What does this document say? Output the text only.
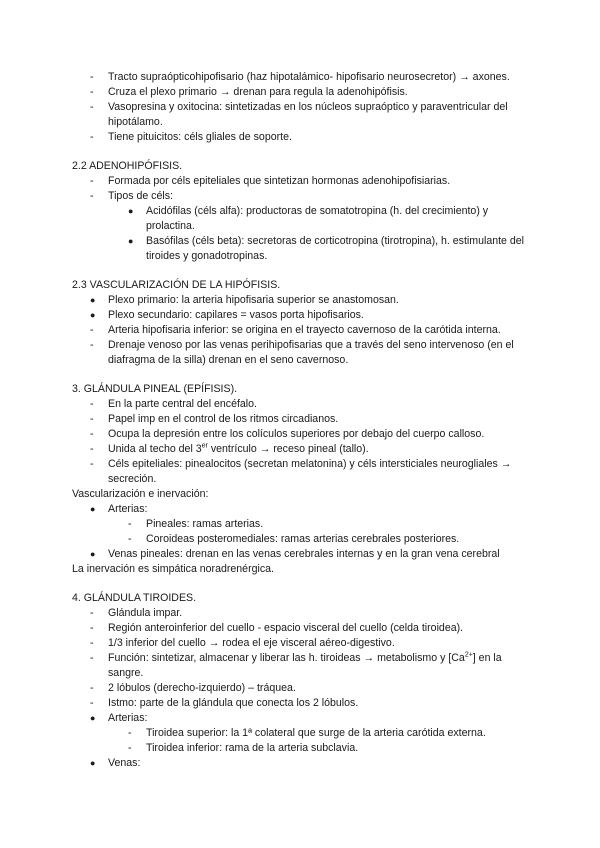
-	Tracto supraópticohipofisario (haz hipotalámico- hipofisario neurosecretor) → axones.
-	Cruza el plexo primario → drenan para regula la adenohipófisis.
-	Vasopresina y oxitocina: sintetizadas en los núcleos supraóptico y paraventricular del hipotálamo.
-	Tiene pituicitos: céls gliales de soporte.
2.2 ADENOHIPÓFISIS.
-	Formada por céls epiteliales que sintetizan hormonas adenohipofisiarias.
-	Tipos de céls:
●	Acidófilas (céls alfa): productoras de somatotropina (h. del crecimiento) y prolactina.
●	Basófilas (céls beta): secretoras de corticotropina (tirotropina), h. estimulante del tiroides y gonadotropinas.
2.3 VASCULARIZACIÓN DE LA HIPÓFISIS.
●	Plexo primario: la arteria hipofisaria superior se anastomosan.
●	Plexo secundario: capilares = vasos porta hipofisarios.
-	Arteria hipofisaria inferior: se origina en el trayecto cavernoso de la carótida interna.
-	Drenaje venoso por las venas perihipofisarias que a través del seno intervenoso (en el diafragma de la silla) drenan en el seno cavernoso.
3. GLÁNDULA PINEAL (EPÍFISIS).
-	En la parte central del encéfalo.
-	Papel imp en el control de los ritmos circadianos.
-	Ocupa la depresión entre los colículos superiores por debajo del cuerpo calloso.
-	Unida al techo del 3er ventrículo → receso pineal (tallo).
-	Céls epiteliales: pinealocitos (secretan melatonina) y céls intersticiales neurogliales → secreción.
Vascularización e inervación:
●	Arterias:
-	Pineales: ramas arterias.
-	Coroideas posteromediales: ramas arterias cerebrales posteriores.
●	Venas pineales: drenan en las venas cerebrales internas y en la gran vena cerebral
La inervación es simpática noradrenérgica.
4. GLÁNDULA TIROIDES.
-	Glándula impar.
-	Región anteroinferior del cuello - espacio visceral del cuello (celda tiroidea).
-	1/3 inferior del cuello → rodea el eje visceral aéreo-digestivo.
-	Función: sintetizar, almacenar y liberar las h. tiroideas → metabolismo y $[Ca^{2+}]$ en la sangre.
-	2 lóbulos (derecho-izquierdo) – tráquea.
-	Istmo: parte de la glándula que conecta los 2 lóbulos.
●	Arterias:
-	Tiroidea superior: la 1ª colateral que surge de la arteria carótida externa.
-	Tiroidea inferior: rama de la arteria subclavia.
●	Venas:
